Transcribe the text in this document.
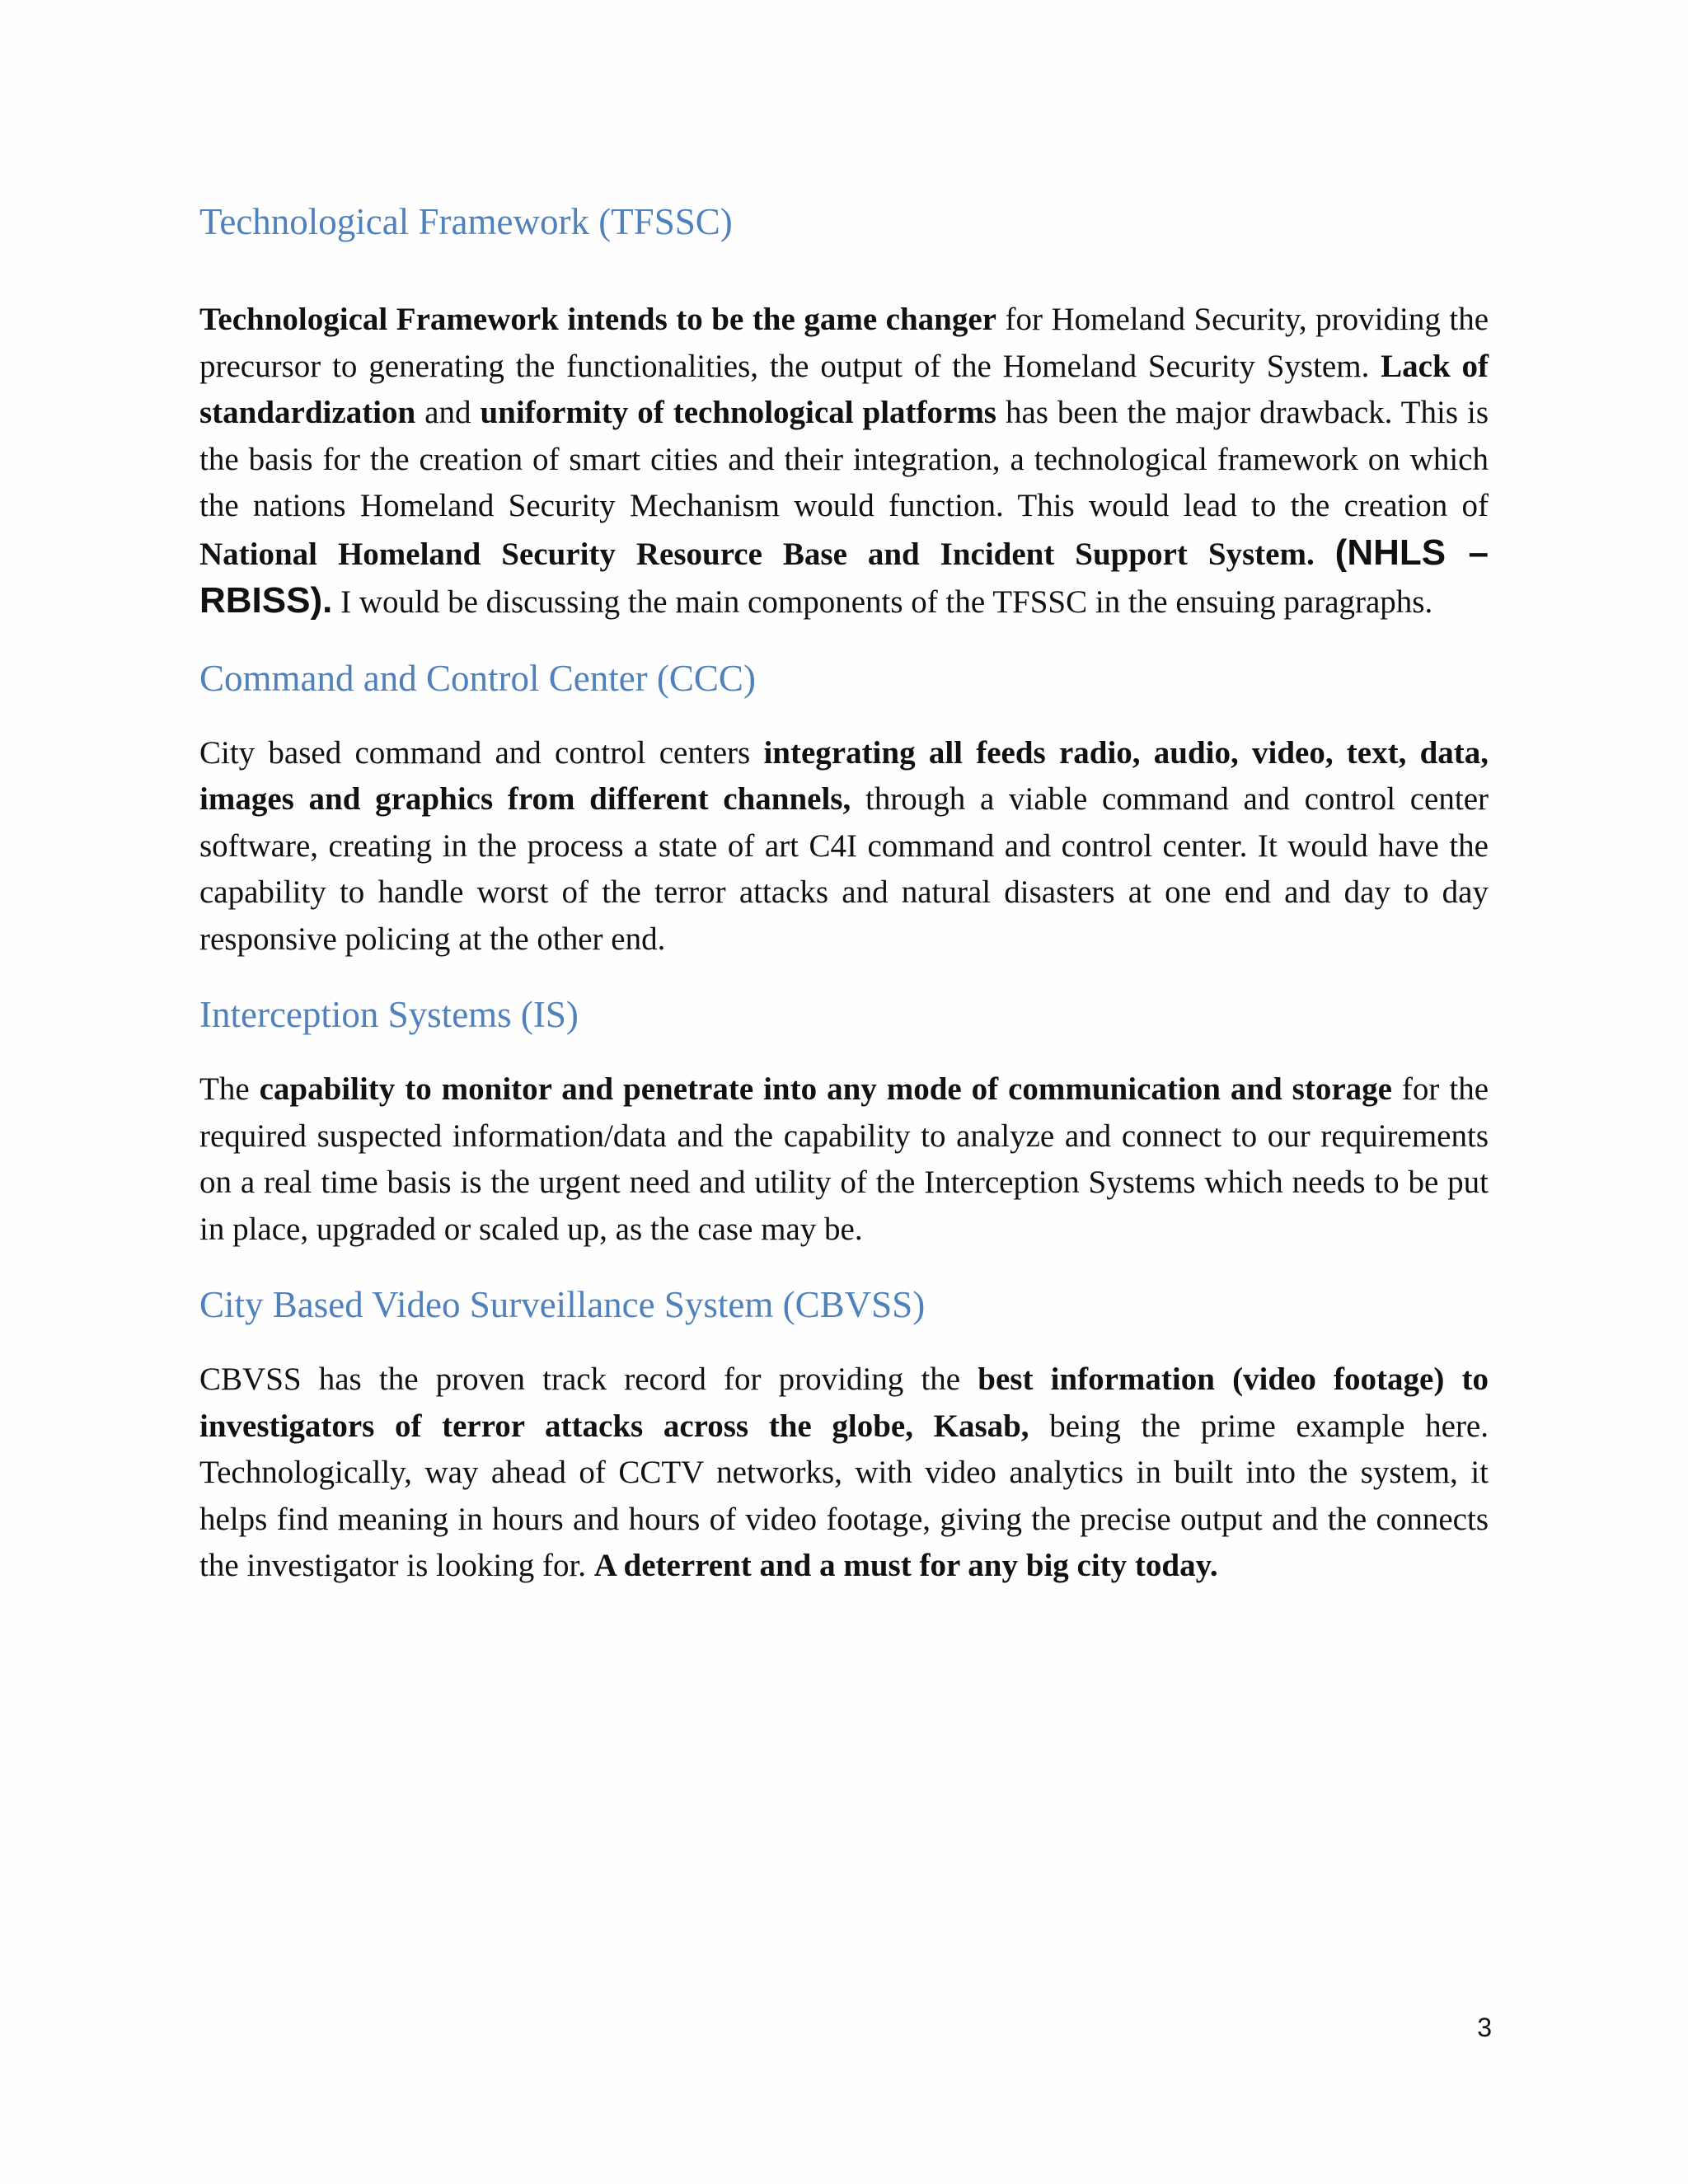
Technological Framework (TFSSC)

Technological Framework intends to be the game changer for Homeland Security, providing the precursor to generating the functionalities, the output of the Homeland Security System. Lack of standardization and uniformity of technological platforms has been the major drawback. This is the basis for the creation of smart cities and their integration, a technological framework on which the nations Homeland Security Mechanism would function. This would lead to the creation of National Homeland Security Resource Base and Incident Support System. (NHLS – RBISS). I would be discussing the main components of the TFSSC in the ensuing paragraphs.

Command and Control Center (CCC)

City based command and control centers integrating all feeds radio, audio, video, text, data, images and graphics from different channels, through a viable command and control center software, creating in the process a state of art C4I command and control center. It would have the capability to handle worst of the terror attacks and natural disasters at one end and day to day responsive policing at the other end.

Interception Systems (IS)

The capability to monitor and penetrate into any mode of communication and storage for the required suspected information/data and the capability to analyze and connect to our requirements on a real time basis is the urgent need and utility of the Interception Systems which needs to be put in place, upgraded or scaled up, as the case may be.

City Based Video Surveillance System (CBVSS)

CBVSS has the proven track record for providing the best information (video footage) to investigators of terror attacks across the globe, Kasab, being the prime example here. Technologically, way ahead of CCTV networks, with video analytics in built into the system, it helps find meaning in hours and hours of video footage, giving the precise output and the connects the investigator is looking for. A deterrent and a must for any big city today.

3
